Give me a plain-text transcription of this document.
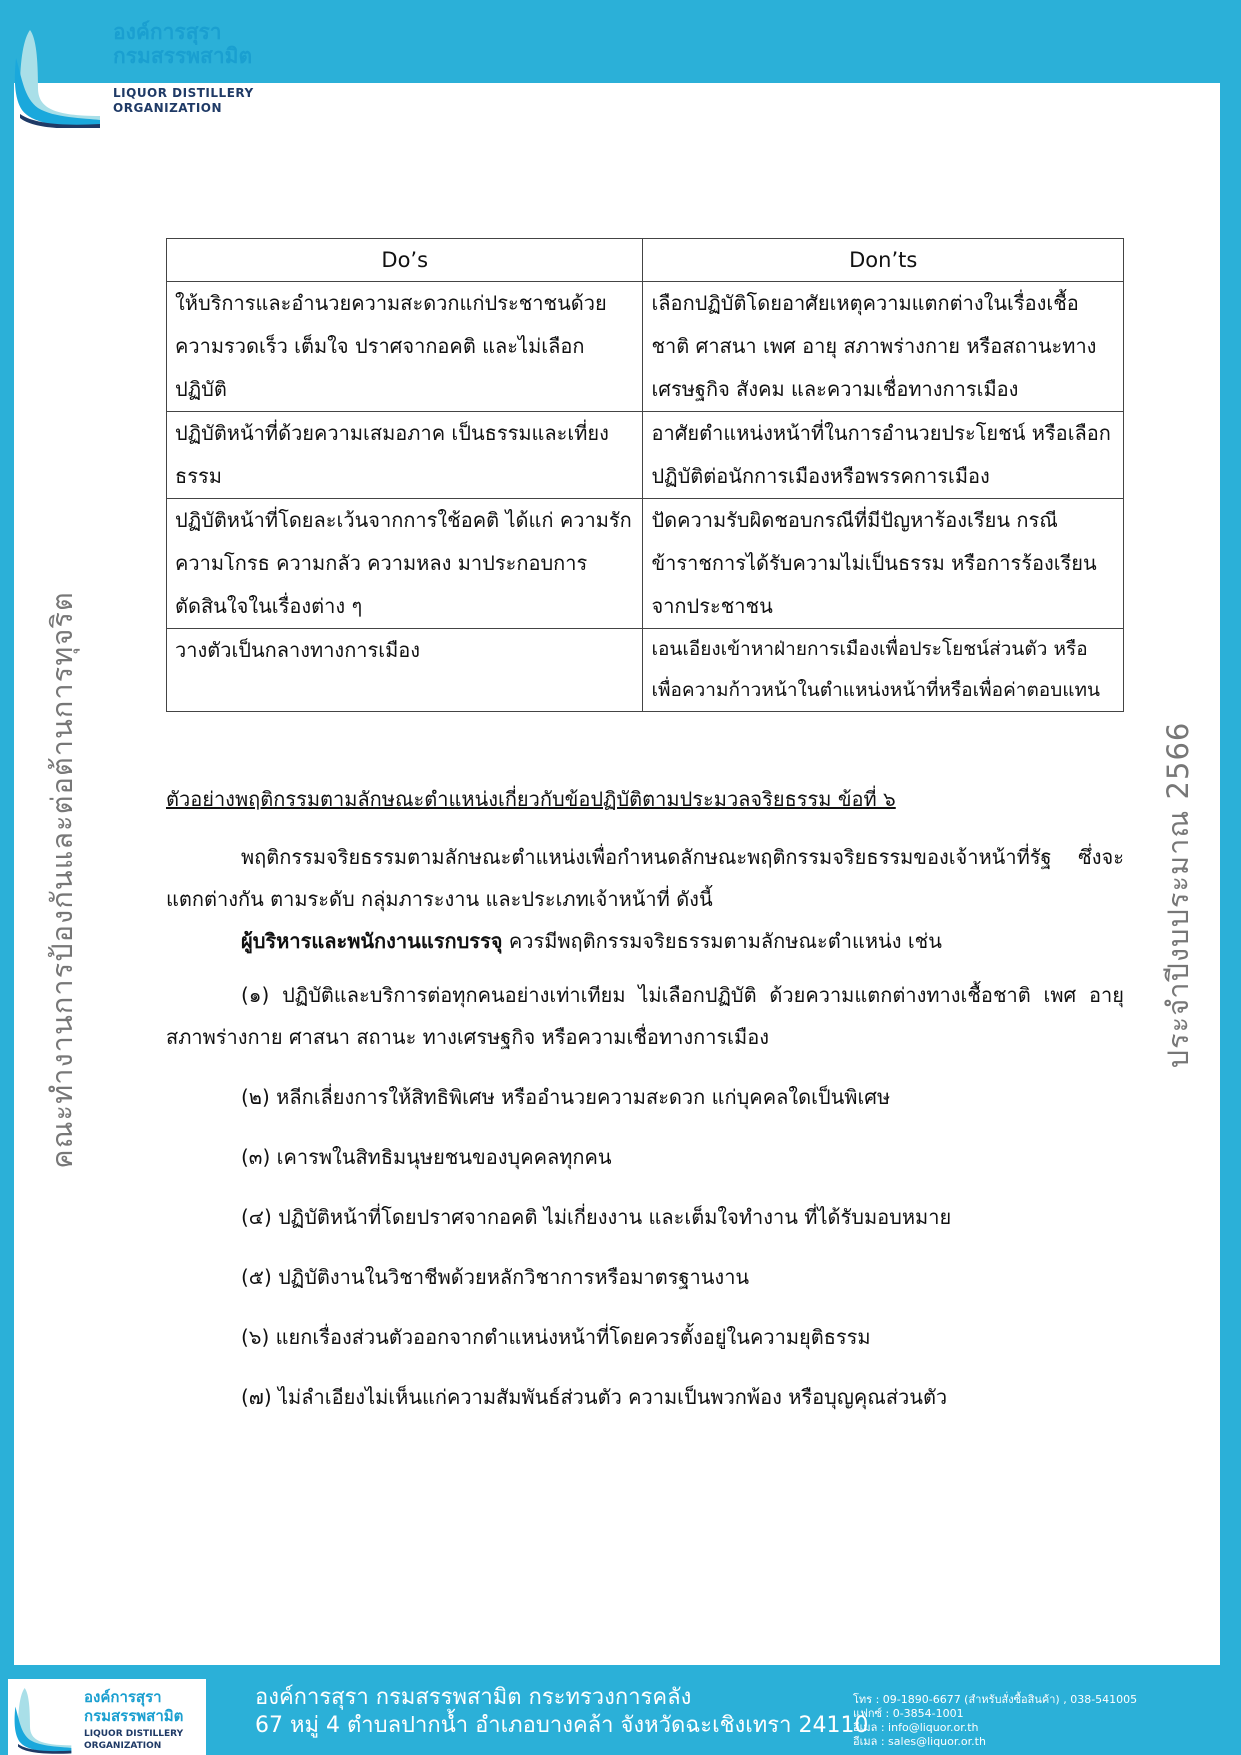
องค์การสุรา
กรมสรรพสามิต
LIQUOR DISTILLERY
ORGANIZATION
คณะทำงานการป้องกันและต่อต้านการทุจริต	ประจำปีงบประมาณ 2566
Do’s	Don’ts
ให้บริการและอำนวยความสะดวกแก่ประชาชนด้วยความรวดเร็ว เต็มใจ ปราศจากอคติ และไม่เลือกปฏิบัติ	เลือกปฏิบัติโดยอาศัยเหตุความแตกต่างในเรื่องเชื้อชาติ ศาสนา เพศ อายุ สภาพร่างกาย หรือสถานะทางเศรษฐกิจ สังคม และความเชื่อทางการเมือง
ปฏิบัติหน้าที่ด้วยความเสมอภาค เป็นธรรมและเที่ยงธรรม	อาศัยตำแหน่งหน้าที่ในการอำนวยประโยชน์ หรือเลือกปฏิบัติต่อนักการเมืองหรือพรรคการเมือง
ปฏิบัติหน้าที่โดยละเว้นจากการใช้อคติ ได้แก่ ความรัก ความโกรธ ความกลัว ความหลง มาประกอบการตัดสินใจในเรื่องต่าง ๆ	ปัดความรับผิดชอบกรณีที่มีปัญหาร้องเรียน กรณีข้าราชการได้รับความไม่เป็นธรรม หรือการร้องเรียนจากประชาชน
วางตัวเป็นกลางทางการเมือง	เอนเอียงเข้าหาฝ่ายการเมืองเพื่อประโยชน์ส่วนตัว หรือเพื่อความก้าวหน้าในตำแหน่งหน้าที่หรือเพื่อค่าตอบแทน

ตัวอย่างพฤติกรรมตามลักษณะตำแหน่งเกี่ยวกับข้อปฏิบัติตามประมวลจริยธรรม ข้อที่ ๖

พฤติกรรมจริยธรรมตามลักษณะตำแหน่งเพื่อกำหนดลักษณะพฤติกรรมจริยธรรมของเจ้าหน้าที่รัฐ ซึ่งจะแตกต่างกัน ตามระดับ กลุ่มภาระงาน และประเภทเจ้าหน้าที่ ดังนี้

ผู้บริหารและพนักงานแรกบรรจุ ควรมีพฤติกรรมจริยธรรมตามลักษณะตำแหน่ง เช่น

(๑) ปฏิบัติและบริการต่อทุกคนอย่างเท่าเทียม ไม่เลือกปฏิบัติ ด้วยความแตกต่างทางเชื้อชาติ เพศ อายุ สภาพร่างกาย ศาสนา สถานะ ทางเศรษฐกิจ หรือความเชื่อทางการเมือง

(๒) หลีกเลี่ยงการให้สิทธิพิเศษ หรืออำนวยความสะดวก แก่บุคคลใดเป็นพิเศษ

(๓) เคารพในสิทธิมนุษยชนของบุคคลทุกคน

(๔) ปฏิบัติหน้าที่โดยปราศจากอคติ ไม่เกี่ยงงาน และเต็มใจทำงาน ที่ได้รับมอบหมาย

(๕) ปฏิบัติงานในวิชาชีพด้วยหลักวิชาการหรือมาตรฐานงาน

(๖) แยกเรื่องส่วนตัวออกจากตำแหน่งหน้าที่โดยควรตั้งอยู่ในความยุติธรรม

(๗) ไม่ลำเอียงไม่เห็นแก่ความสัมพันธ์ส่วนตัว ความเป็นพวกพ้อง หรือบุญคุณส่วนตัว

องค์การสุรา
กรมสรรพสามิต
LIQUOR DISTILLERY
ORGANIZATION
องค์การสุรา กรมสรรพสามิต กระทรวงการคลัง
67 หมู่ 4 ตำบลปากน้ำ อำเภอบางคล้า จังหวัดฉะเชิงเทรา 24110
โทร : 09-1890-6677 (สำหรับสั่งซื้อสินค้า) , 038-541005
แฟกซ์ : 0-3854-1001
อีเมล : info@liquor.or.th
อีเมล : sales@liquor.or.th
